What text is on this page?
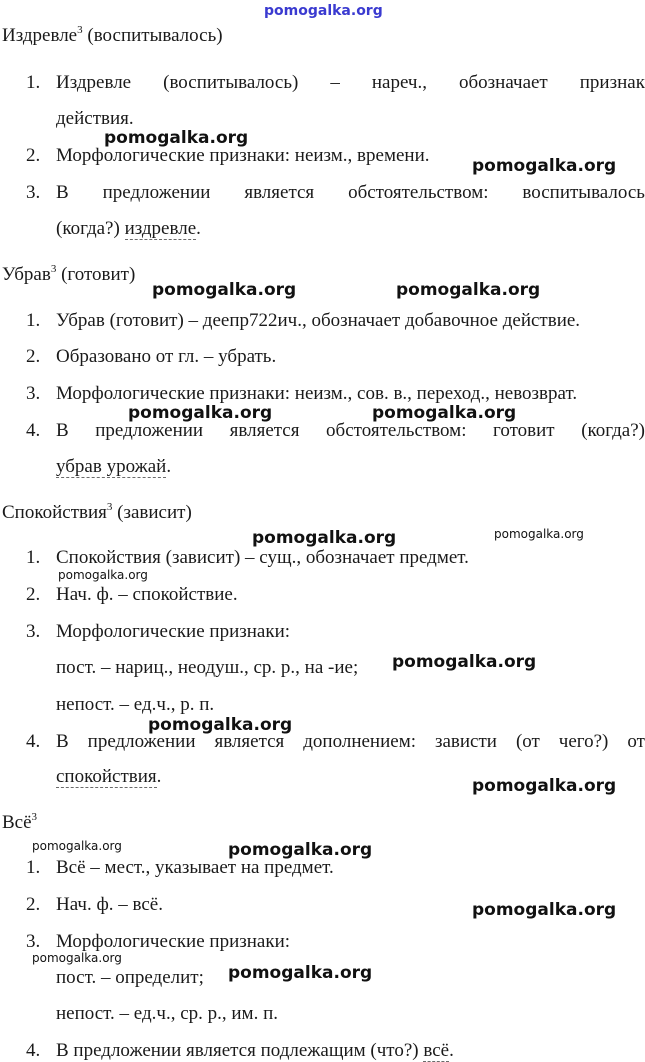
pomogalka.org
Издревле$^3$ (воспитывалось)
1. Издревле (воспитывалось) – нареч., обозначает признак
действия.
2. Морфологические признаки: неизм., времени.
3. В предложении является обстоятельством: воспитывалось
(когда?) издревле.
Убрав$^3$ (готовит)
1. Убрав (готовит) – деепр722ич., обозначает добавочное действие.
2. Образовано от гл. – убрать.
3. Морфологические признаки: неизм., сов. в., переход., невозврат.
4. В предложении является обстоятельством: готовит (когда?)
убрав урожай.
Спокойствия$^3$ (зависит)
1. Спокойствия (зависит) – сущ., обозначает предмет.
2. Нач. ф. – спокойствие.
3. Морфологические признаки:
пост. – нариц., неодуш., ср. р., на -ие;
непост. – ед.ч., р. п.
4. В предложении является дополнением: зависти (от чего?) от
спокойствия.
Всё$^3$
1. Всё – мест., указывает на предмет.
2. Нач. ф. – всё.
3. Морфологические признаки:
пост. – определит;
непост. – ед.ч., ср. р., им. п.
4. В предложении является подлежащим (что?) всё.
pomogalka.org
pomogalka.org
pomogalka.org	pomogalka.org
pomogalka.org	pomogalka.org
pomogalka.org	pomogalka.org
pomogalka.org
pomogalka.org
pomogalka.org
pomogalka.org
pomogalka.org	pomogalka.org
pomogalka.org
pomogalka.org
pomogalka.org
